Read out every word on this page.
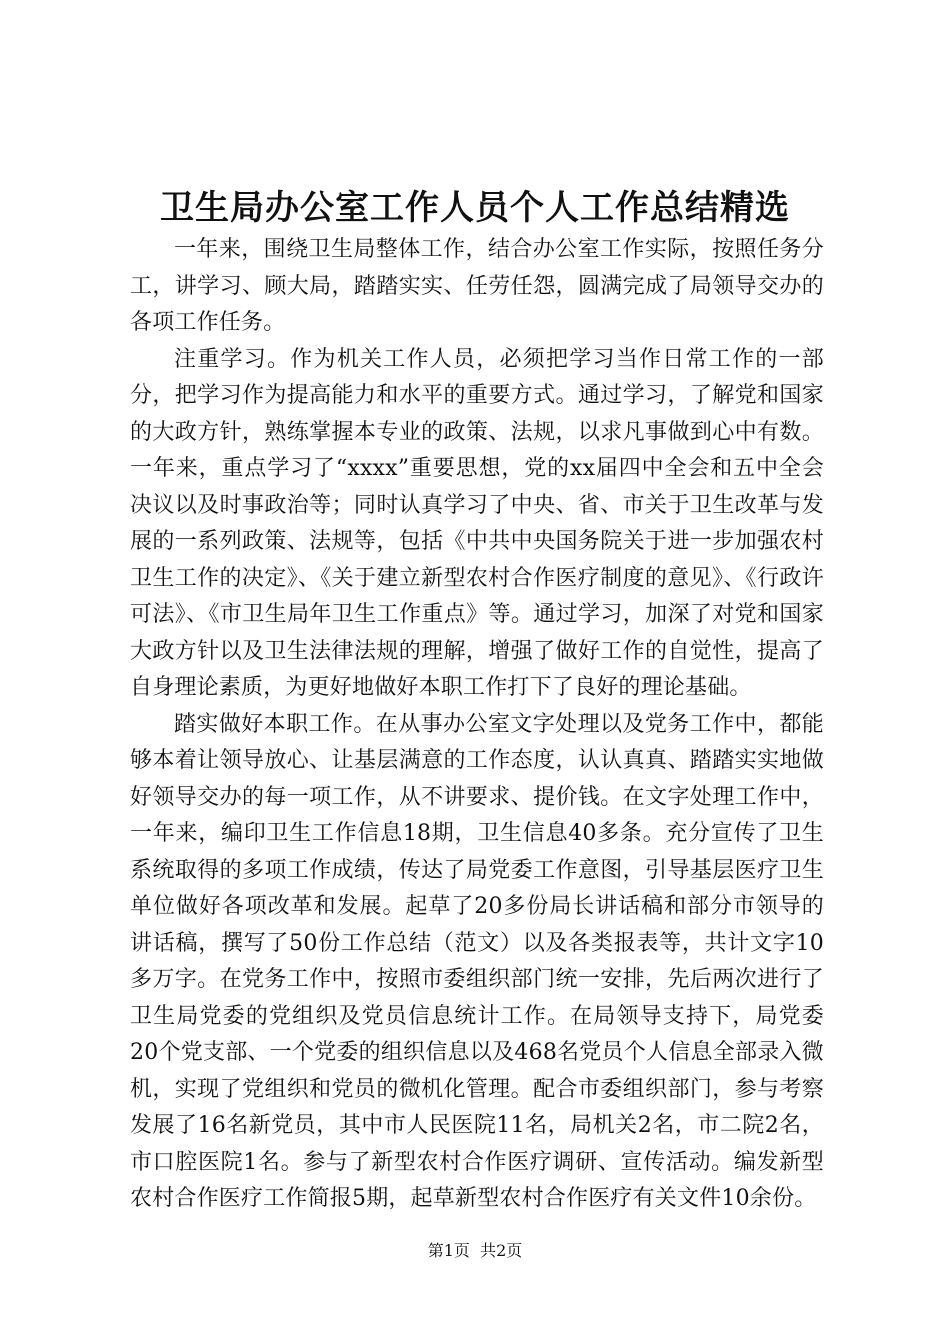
卫生局办公室工作人员个人工作总结精选

一年来，围绕卫生局整体工作，结合办公室工作实际，按照任务分工，讲学习、顾大局，踏踏实实、任劳任怨，圆满完成了局领导交办的各项工作任务。

注重学习。作为机关工作人员，必须把学习当作日常工作的一部分，把学习作为提高能力和水平的重要方式。通过学习，了解党和国家的大政方针，熟练掌握本专业的政策、法规，以求凡事做到心中有数。一年来，重点学习了“xxxx”重要思想，党的xx届四中全会和五中全会决议以及时事政治等；同时认真学习了中央、省、市关于卫生改革与发展的一系列政策、法规等，包括《中共中央国务院关于进一步加强农村卫生工作的决定》、《关于建立新型农村合作医疗制度的意见》、《行政许可法》、《市卫生局年卫生工作重点》等。通过学习，加深了对党和国家大政方针以及卫生法律法规的理解，增强了做好工作的自觉性，提高了自身理论素质，为更好地做好本职工作打下了良好的理论基础。

踏实做好本职工作。在从事办公室文字处理以及党务工作中，都能够本着让领导放心、让基层满意的工作态度，认认真真、踏踏实实地做好领导交办的每一项工作，从不讲要求、提价钱。在文字处理工作中，一年来，编印卫生工作信息18期，卫生信息40多条。充分宣传了卫生系统取得的多项工作成绩，传达了局党委工作意图，引导基层医疗卫生单位做好各项改革和发展。起草了20多份局长讲话稿和部分市领导的讲话稿，撰写了50份工作总结（范文）以及各类报表等，共计文字10多万字。在党务工作中，按照市委组织部门统一安排，先后两次进行了卫生局党委的党组织及党员信息统计工作。在局领导支持下，局党委20个党支部、一个党委的组织信息以及468名党员个人信息全部录入微机，实现了党组织和党员的微机化管理。配合市委组织部门，参与考察发展了16名新党员，其中市人民医院11名，局机关2名，市二院2名，市口腔医院1名。参与了新型农村合作医疗调研、宣传活动。编发新型农村合作医疗工作简报5期，起草新型农村合作医疗有关文件10余份。

第1页 共2页
